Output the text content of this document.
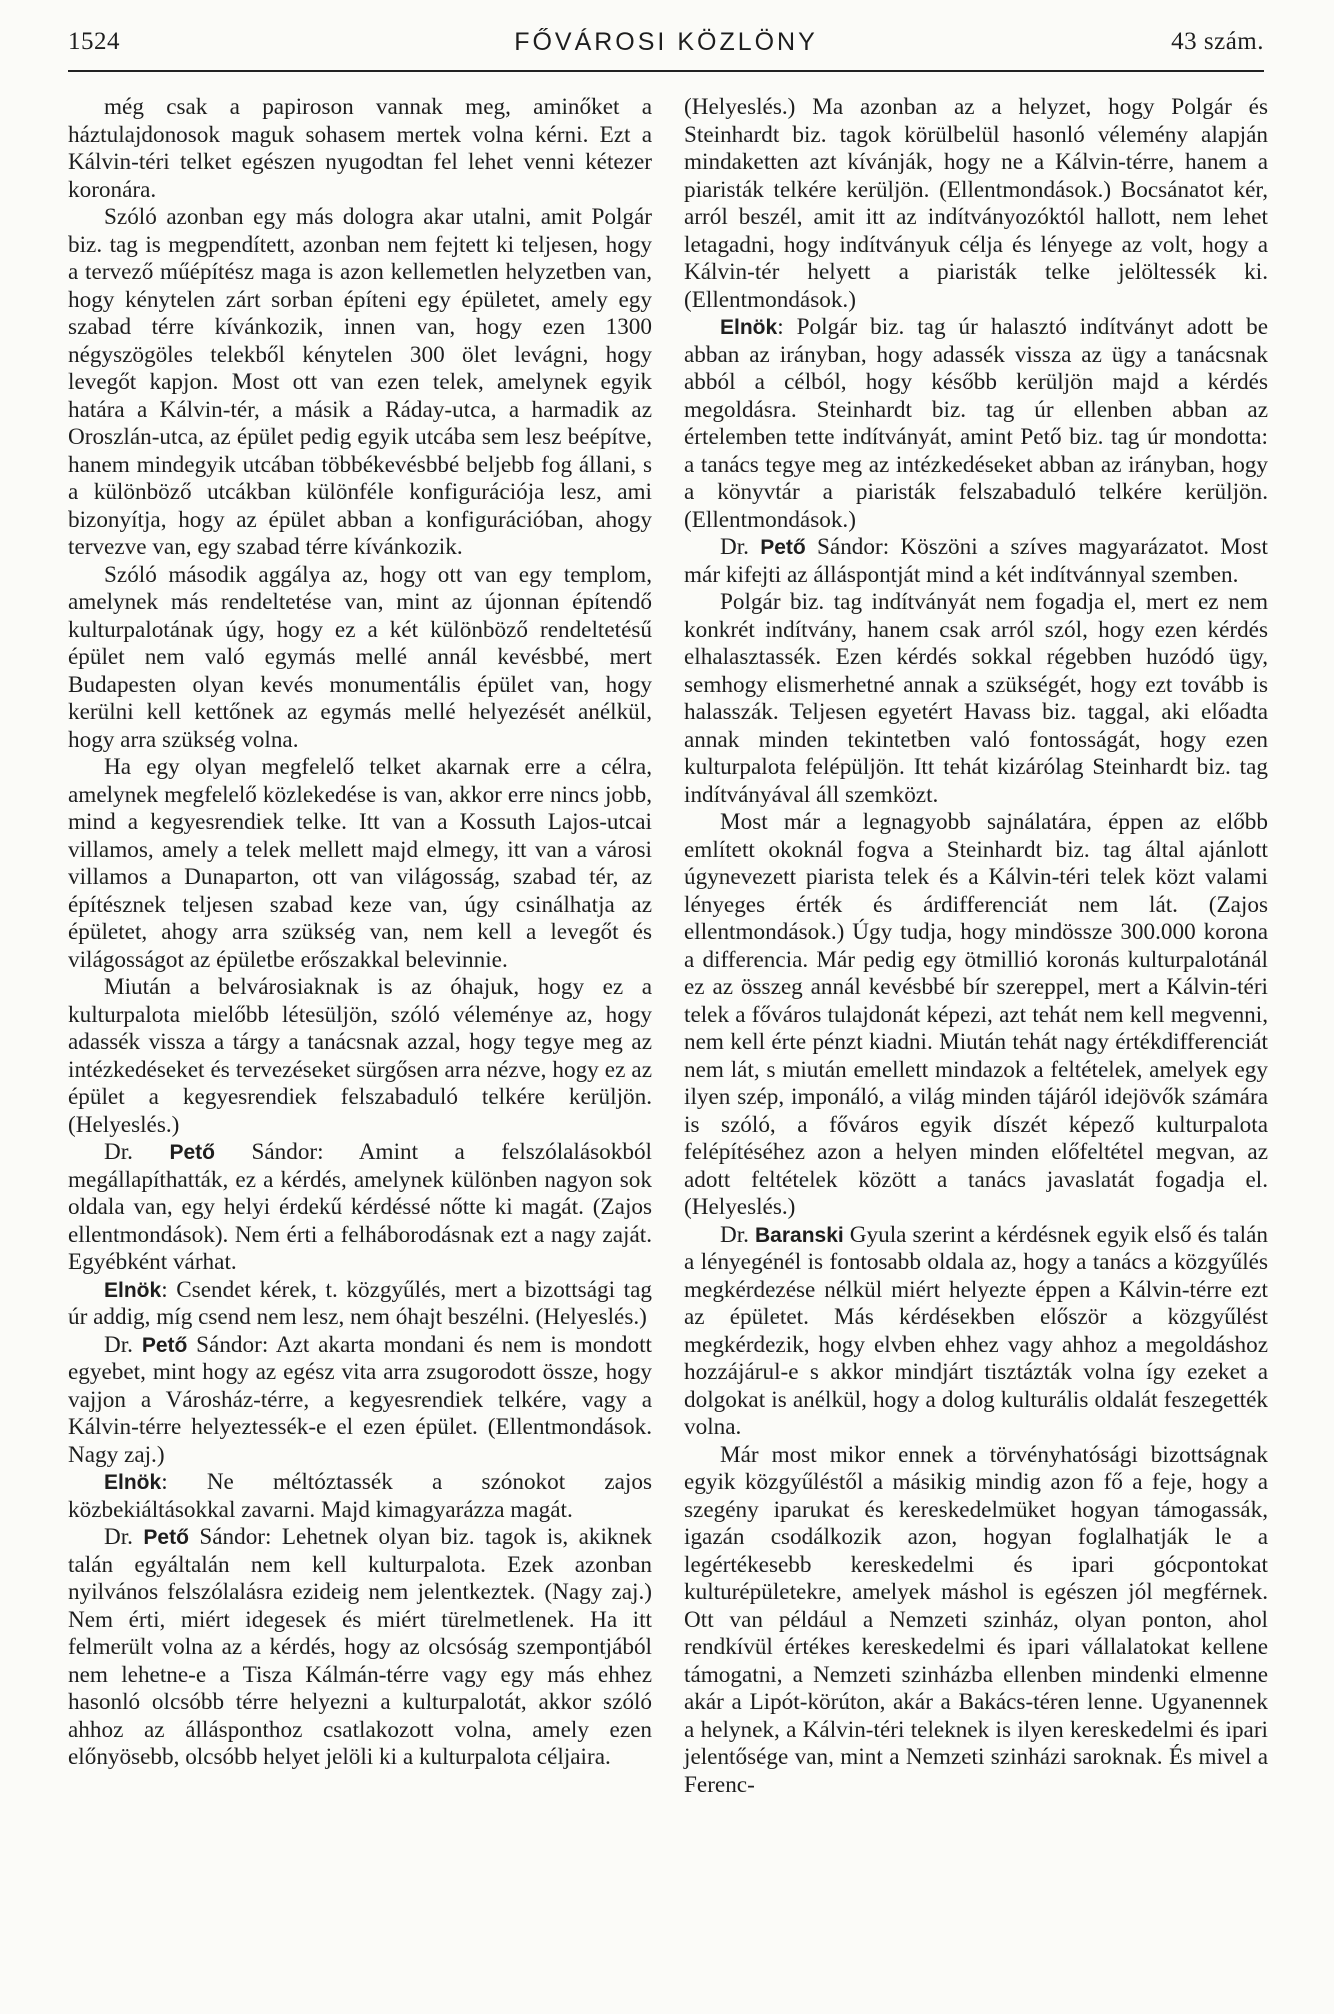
1524	FŐVÁROSI KÖZLÖNY	43 szám.

még csak a papiroson vannak meg, aminőket a háztulajdonosok maguk sohasem mertek volna kérni. Ezt a Kálvin-téri telket egészen nyugodtan fel lehet venni kétezer koronára.

Szóló azonban egy más dologra akar utalni, amit Polgár biz. tag is megpendített, azonban nem fejtett ki teljesen, hogy a tervező műépítész maga is azon kellemetlen helyzetben van, hogy kénytelen zárt sorban építeni egy épületet, amely egy szabad térre kívánkozik, innen van, hogy ezen 1300 négyszögöles telekből kénytelen 300 ölet levágni, hogy levegőt kapjon. Most ott van ezen telek, amelynek egyik határa a Kálvin-tér, a másik a Ráday-utca, a harmadik az Oroszlán-utca, az épület pedig egyik utcába sem lesz beépítve, hanem mindegyik utcában többékevésbbé beljebb fog állani, s a különböző utcákban különféle konfigurációja lesz, ami bizonyítja, hogy az épület abban a konfigurációban, ahogy tervezve van, egy szabad térre kívánkozik.

Szóló második aggálya az, hogy ott van egy templom, amelynek más rendeltetése van, mint az újonnan építendő kulturpalotának úgy, hogy ez a két különböző rendeltetésű épület nem való egymás mellé annál kevésbbé, mert Budapesten olyan kevés monumentális épület van, hogy kerülni kell kettőnek az egymás mellé helyezését anélkül, hogy arra szükség volna.

Ha egy olyan megfelelő telket akarnak erre a célra, amelynek megfelelő közlekedése is van, akkor erre nincs jobb, mind a kegyesrendiek telke. Itt van a Kossuth Lajos-utcai villamos, amely a telek mellett majd elmegy, itt van a városi villamos a Dunaparton, ott van világosság, szabad tér, az építésznek teljesen szabad keze van, úgy csinálhatja az épületet, ahogy arra szükség van, nem kell a levegőt és világosságot az épületbe erőszakkal belevinnie.

Miután a belvárosiaknak is az óhajuk, hogy ez a kulturpalota mielőbb létesüljön, szóló véleménye az, hogy adassék vissza a tárgy a tanácsnak azzal, hogy tegye meg az intézkedéseket és tervezéseket sürgősen arra nézve, hogy ez az épület a kegyesrendiek felszabaduló telkére kerüljön. (Helyeslés.)

Dr. Pető Sándor: Amint a felszólalásokból megállapíthatták, ez a kérdés, amelynek különben nagyon sok oldala van, egy helyi érdekű kérdéssé nőtte ki magát. (Zajos ellentmondások). Nem érti a felháborodásnak ezt a nagy zaját. Egyébként várhat.

Elnök: Csendet kérek, t. közgyűlés, mert a bizottsági tag úr addig, míg csend nem lesz, nem óhajt beszélni. (Helyeslés.)

Dr. Pető Sándor: Azt akarta mondani és nem is mondott egyebet, mint hogy az egész vita arra zsugorodott össze, hogy vajjon a Városház-térre, a kegyesrendiek telkére, vagy a Kálvin-térre helyeztessék-e el ezen épület. (Ellentmondások. Nagy zaj.)

Elnök: Ne méltóztassék a szónokot zajos közbekiáltásokkal zavarni. Majd kimagyarázza magát.

Dr. Pető Sándor: Lehetnek olyan biz. tagok is, akiknek talán egyáltalán nem kell kulturpalota. Ezek azonban nyilvános felszólalásra ezideig nem jelentkeztek. (Nagy zaj.) Nem érti, miért idegesek és miért türelmetlenek. Ha itt felmerült volna az a kérdés, hogy az olcsóság szempontjából nem lehetne-e a Tisza Kálmán-térre vagy egy más ehhez hasonló olcsóbb térre helyezni a kulturpalotát, akkor szóló ahhoz az állásponthoz csatlakozott volna, amely ezen előnyösebb, olcsóbb helyet jelöli ki a kulturpalota céljaira.

(Helyeslés.) Ma azonban az a helyzet, hogy Polgár és Steinhardt biz. tagok körülbelül hasonló vélemény alapján mindaketten azt kívánják, hogy ne a Kálvin-térre, hanem a piaristák telkére kerüljön. (Ellentmondások.) Bocsánatot kér, arról beszél, amit itt az indítványozóktól hallott, nem lehet letagadni, hogy indítványuk célja és lényege az volt, hogy a Kálvin-tér helyett a piaristák telke jelöltessék ki. (Ellentmondások.)

Elnök: Polgár biz. tag úr halasztó indítványt adott be abban az irányban, hogy adassék vissza az ügy a tanácsnak abból a célból, hogy később kerüljön majd a kérdés megoldásra. Steinhardt biz. tag úr ellenben abban az értelemben tette indítványát, amint Pető biz. tag úr mondotta: a tanács tegye meg az intézkedéseket abban az irányban, hogy a könyvtár a piaristák felszabaduló telkére kerüljön. (Ellentmondások.)

Dr. Pető Sándor: Köszöni a szíves magyarázatot. Most már kifejti az álláspontját mind a két indítvánnyal szemben.

Polgár biz. tag indítványát nem fogadja el, mert ez nem konkrét indítvány, hanem csak arról szól, hogy ezen kérdés elhalasztassék. Ezen kérdés sokkal régebben huzódó ügy, semhogy elismerhetné annak a szükségét, hogy ezt tovább is halasszák. Teljesen egyetért Havass biz. taggal, aki előadta annak minden tekintetben való fontosságát, hogy ezen kulturpalota felépüljön. Itt tehát kizárólag Steinhardt biz. tag indítványával áll szemközt.

Most már a legnagyobb sajnálatára, éppen az előbb említett okoknál fogva a Steinhardt biz. tag által ajánlott úgynevezett piarista telek és a Kálvin-téri telek közt valami lényeges érték és árdifferenciát nem lát. (Zajos ellentmondások.) Úgy tudja, hogy mindössze 300.000 korona a differencia. Már pedig egy ötmillió koronás kulturpalotánál ez az összeg annál kevésbbé bír szereppel, mert a Kálvin-téri telek a főváros tulajdonát képezi, azt tehát nem kell megvenni, nem kell érte pénzt kiadni. Miután tehát nagy értékdifferenciát nem lát, s miután emellett mindazok a feltételek, amelyek egy ilyen szép, imponáló, a világ minden tájáról idejövők számára is szóló, a főváros egyik díszét képező kulturpalota felépítéséhez azon a helyen minden előfeltétel megvan, az adott feltételek között a tanács javaslatát fogadja el. (Helyeslés.)

Dr. Baranski Gyula szerint a kérdésnek egyik első és talán a lényegénél is fontosabb oldala az, hogy a tanács a közgyűlés megkérdezése nélkül miért helyezte éppen a Kálvin-térre ezt az épületet. Más kérdésekben először a közgyűlést megkérdezik, hogy elvben ehhez vagy ahhoz a megoldáshoz hozzájárul-e s akkor mindjárt tisztázták volna így ezeket a dolgokat is anélkül, hogy a dolog kulturális oldalát feszegették volna.

Már most mikor ennek a törvényhatósági bizottságnak egyik közgyűléstől a másikig mindig azon fő a feje, hogy a szegény iparukat és kereskedelmüket hogyan támogassák, igazán csodálkozik azon, hogyan foglalhatják le a legértékesebb kereskedelmi és ipari gócpontokat kulturépületekre, amelyek máshol is egészen jól megférnek. Ott van például a Nemzeti szinház, olyan ponton, ahol rendkívül értékes kereskedelmi és ipari vállalatokat kellene támogatni, a Nemzeti szinházba ellenben mindenki elmenne akár a Lipót-körúton, akár a Bakács-téren lenne. Ugyanennek a helynek, a Kálvin-téri teleknek is ilyen kereskedelmi és ipari jelentősége van, mint a Nemzeti szinházi saroknak. És mivel a Ferenc-
